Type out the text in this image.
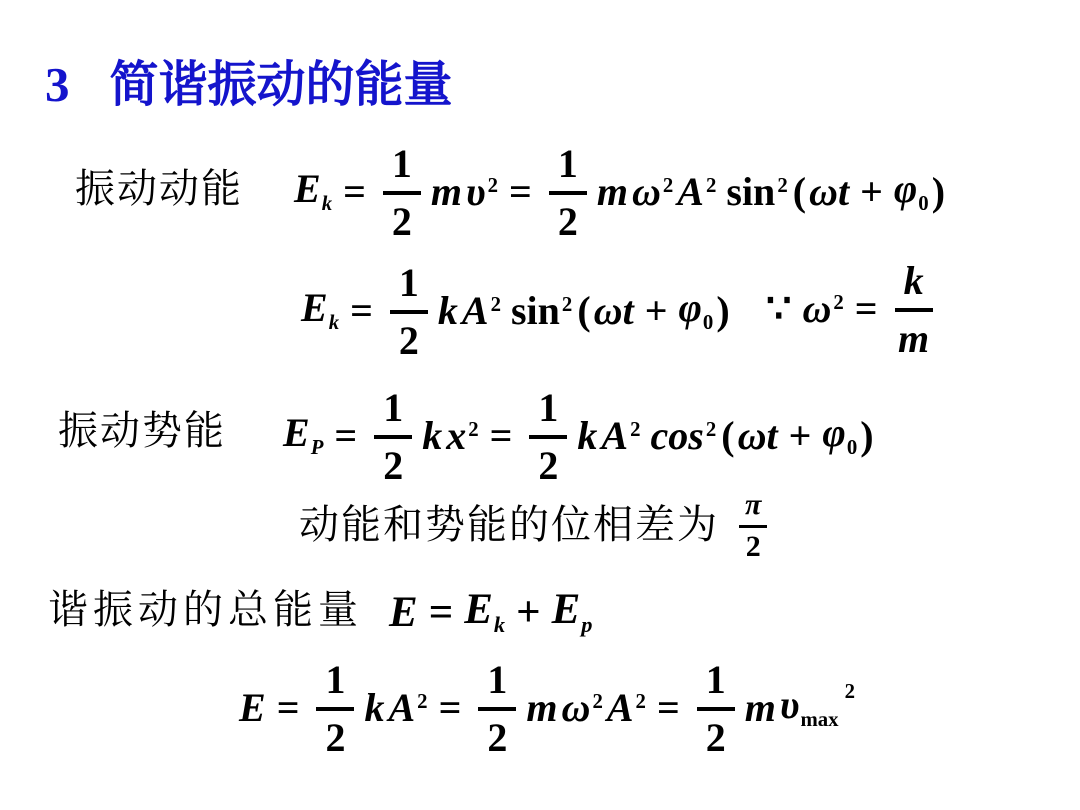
3 简谐振动的能量
振动动能 $E_k = \frac{1}{2}$ m $\upsilon^2 = \frac{1}{2}$ m $\omega^2$ $A^2$ $\sin^2$ ( $\omega t + \varphi_0$ )
$E_k = \frac{1}{2}$ k $A^2$ $\sin^2$ ( $\omega t + \varphi_0$ ) ∵ $\omega^2 = \frac{k}{m}$
振动势能 $E_P = \frac{1}{2}$ k $x^2 = \frac{1}{2}$ k $A^2$ $\cos^2$ ( $\omega t + \varphi_0$ )
动能和势能的位相差为 $\frac{\pi}{2}$
谐振动的总能量 $E = E_k + E_p$
$E = \frac{1}{2}$ k $A^2 = \frac{1}{2}$ m $\omega^2$ $A^2 = \frac{1}{2}$ m $\upsilon_{max}$
2
